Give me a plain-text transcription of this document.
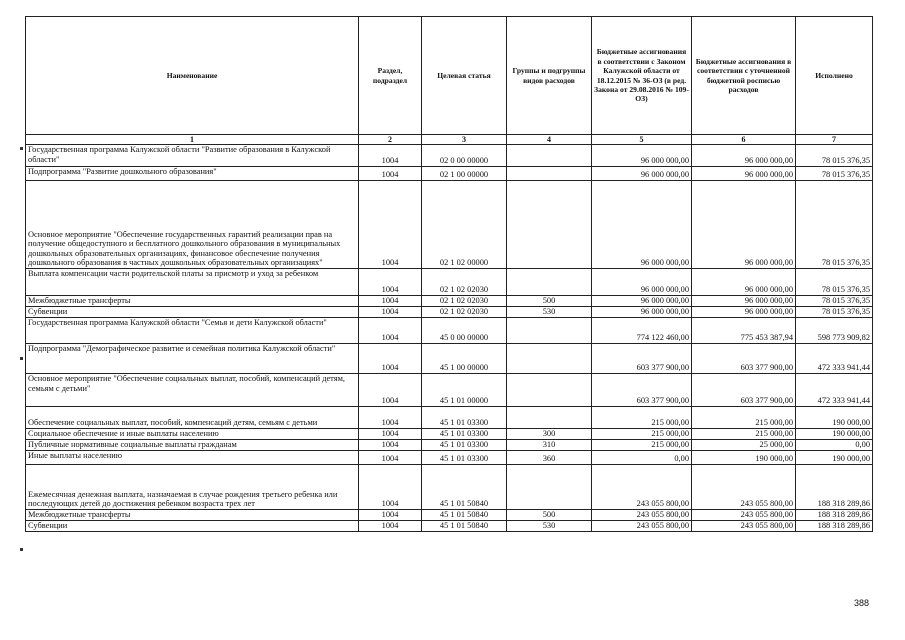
Наименование	Раздел, подраздел	Целевая статья	Группы и подгруппы видов расходов	Бюджетные ассигнования в соответствии с Законом Калужской области от 18.12.2015 № 36-ОЗ (в ред. Закона от 29.08.2016 № 109-ОЗ)	Бюджетные ассигнования в соответствии с уточненной бюджетной росписью расходов	Исполнено
1	2	3	4	5	6	7
Государственная программа Калужской области "Развитие образования в Калужской области"	1004	02 0 00 00000		96 000 000,00	96 000 000,00	78 015 376,35
Подпрограмма "Развитие дошкольного образования"	1004	02 1 00 00000		96 000 000,00	96 000 000,00	78 015 376,35
Основное мероприятие "Обеспечение государственных гарантий реализации прав на получение общедоступного и бесплатного дошкольного образования в муниципальных дошкольных образовательных организациях, финансовое обеспечение получения дошкольного образования в частных дошкольных образовательных организациях"	1004	02 1 02 00000		96 000 000,00	96 000 000,00	78 015 376,35
Выплата компенсации части родительской платы за присмотр и уход за ребенком	1004	02 1 02 02030		96 000 000,00	96 000 000,00	78 015 376,35
Межбюджетные трансферты	1004	02 1 02 02030	500	96 000 000,00	96 000 000,00	78 015 376,35
Субвенции	1004	02 1 02 02030	530	96 000 000,00	96 000 000,00	78 015 376,35
Государственная программа Калужской области "Семья и дети Калужской области"	1004	45 0 00 00000		774 122 460,00	775 453 387,94	598 773 909,82
Подпрограмма "Демографическое развитие и семейная политика Калужской области"	1004	45 1 00 00000		603 377 900,00	603 377 900,00	472 333 941,44
Основное мероприятие "Обеспечение социальных выплат, пособий, компенсаций детям, семьям с детьми"	1004	45 1 01 00000		603 377 900,00	603 377 900,00	472 333 941,44
Обеспечение социальных выплат, пособий, компенсаций детям, семьям с детьми	1004	45 1 01 03300		215 000,00	215 000,00	190 000,00
Социальное обеспечение и иные выплаты населению	1004	45 1 01 03300	300	215 000,00	215 000,00	190 000,00
Публичные нормативные социальные выплаты гражданам	1004	45 1 01 03300	310	215 000,00	25 000,00	0,00
Иные выплаты населению	1004	45 1 01 03300	360	0,00	190 000,00	190 000,00
Ежемесячная денежная выплата, назначаемая в случае рождения третьего ребенка или последующих детей до достижения ребенком возраста трех лет	1004	45 1 01 50840		243 055 800,00	243 055 800,00	188 318 289,86
Межбюджетные трансферты	1004	45 1 01 50840	500	243 055 800,00	243 055 800,00	188 318 289,86
Субвенции	1004	45 1 01 50840	530	243 055 800,00	243 055 800,00	188 318 289,86
388
